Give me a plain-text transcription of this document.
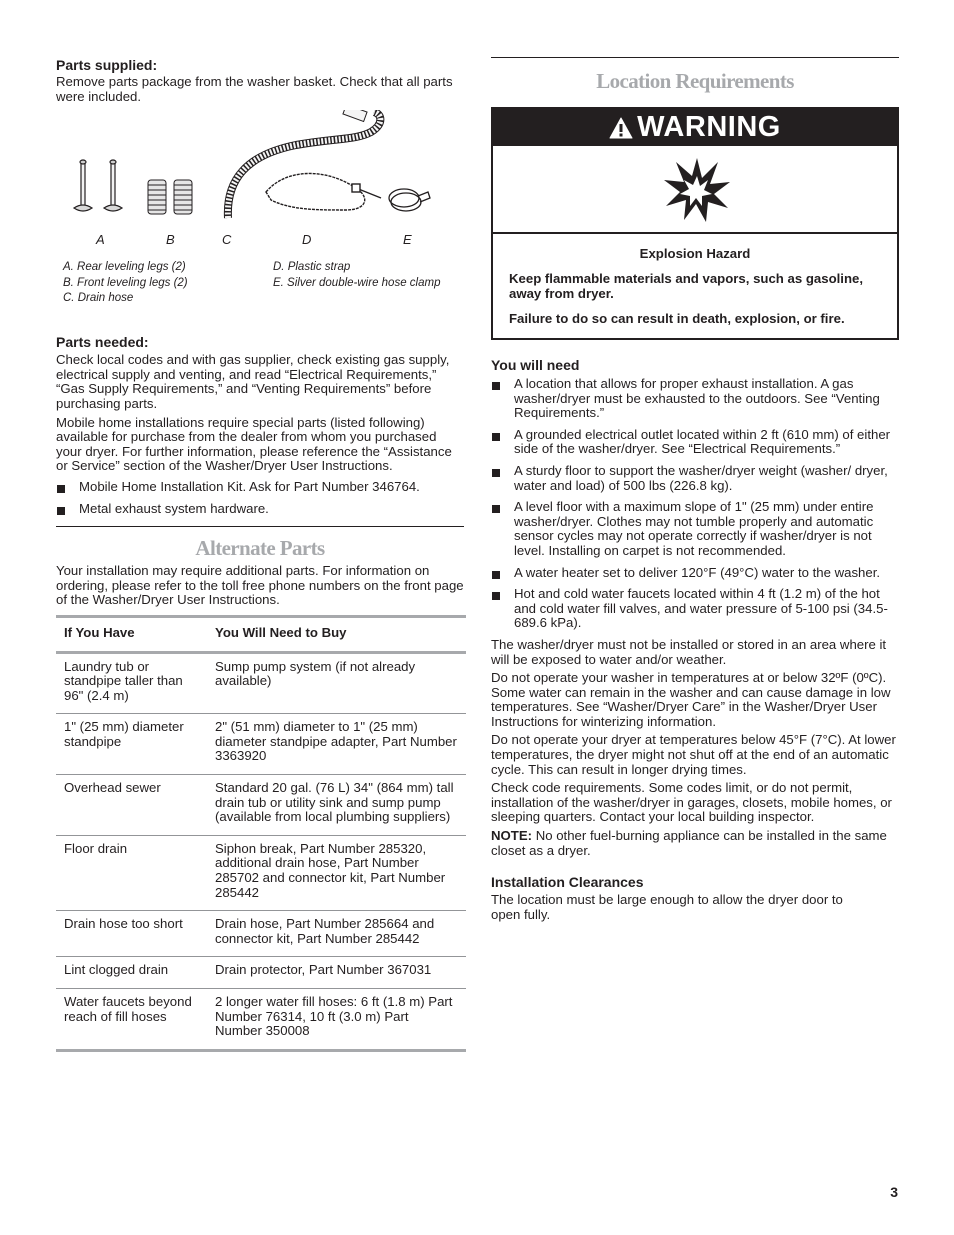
Parts supplied:

Remove parts package from the washer basket. Check that all parts were included.

A	B	C	D	E
A. Rear leveling legs (2)
B. Front leveling legs (2)
C. Drain hose
D. Plastic strap
E. Silver double-wire hose clamp
Parts needed:

Check local codes and with gas supplier, check existing gas supply, electrical supply and venting, and read “Electrical Requirements,” “Gas Supply Requirements,” and “Venting Requirements” before purchasing parts.

Mobile home installations require special parts (listed following) available for purchase from the dealer from whom you purchased your dryer. For further information, please reference the “Assistance or Service” section of the Washer/Dryer User Instructions.

Mobile Home Installation Kit. Ask for Part Number 346764.
Metal exhaust system hardware.
Alternate Parts

Your installation may require additional parts. For information on ordering, please refer to the toll free phone numbers on the front page of the Washer/Dryer User Instructions.

If You Have	You Will Need to Buy
Laundry tub or standpipe taller than 96" (2.4 m)	Sump pump system (if not already available)
1" (25 mm) diameter standpipe	2" (51 mm) diameter to 1" (25 mm) diameter standpipe adapter, Part Number 3363920
Overhead sewer	Standard 20 gal. (76 L) 34" (864 mm) tall drain tub or utility sink and sump pump (available from local plumbing suppliers)
Floor drain	Siphon break, Part Number 285320, additional drain hose, Part Number 285702 and connector kit, Part Number 285442
Drain hose too short	Drain hose, Part Number 285664 and connector kit, Part Number 285442
Lint clogged drain	Drain protector, Part Number 367031
Water faucets beyond reach of fill hoses	2 longer water fill hoses: 6 ft (1.8 m) Part Number 76314, 10 ft (3.0 m) Part Number 350008
Location Requirements
WARNING

Explosion Hazard

Keep flammable materials and vapors, such as gasoline, away from dryer.

Failure to do so can result in death, explosion, or fire.

You will need
A location that allows for proper exhaust installation. A gas washer/dryer must be exhausted to the outdoors. See “Venting Requirements.”
A grounded electrical outlet located within 2 ft (610 mm) of either side of the washer/dryer. See “Electrical Requirements.”
A sturdy floor to support the washer/dryer weight (washer/ dryer, water and load) of 500 lbs (226.8 kg).
A level floor with a maximum slope of 1" (25 mm) under entire washer/dryer. Clothes may not tumble properly and automatic sensor cycles may not operate correctly if washer/dryer is not level. Installing on carpet is not recommended.
A water heater set to deliver 120°F (49°C) water to the washer.
Hot and cold water faucets located within 4 ft (1.2 m) of the hot and cold water fill valves, and water pressure of 5-100 psi (34.5-689.6 kPa).

The washer/dryer must not be installed or stored in an area where it will be exposed to water and/or weather.

Do not operate your washer in temperatures at or below 32ºF (0ºC). Some water can remain in the washer and can cause damage in low temperatures. See “Washer/Dryer Care” in the Washer/Dryer User Instructions for winterizing information.

Do not operate your dryer at temperatures below 45°F (7°C). At lower temperatures, the dryer might not shut off at the end of an automatic cycle. This can result in longer drying times.

Check code requirements. Some codes limit, or do not permit, installation of the washer/dryer in garages, closets, mobile homes, or sleeping quarters. Contact your local building inspector.

NOTE: No other fuel-burning appliance can be installed in the same closet as a dryer.

Installation Clearances

The location must be large enough to allow the dryer door to open fully.

3
